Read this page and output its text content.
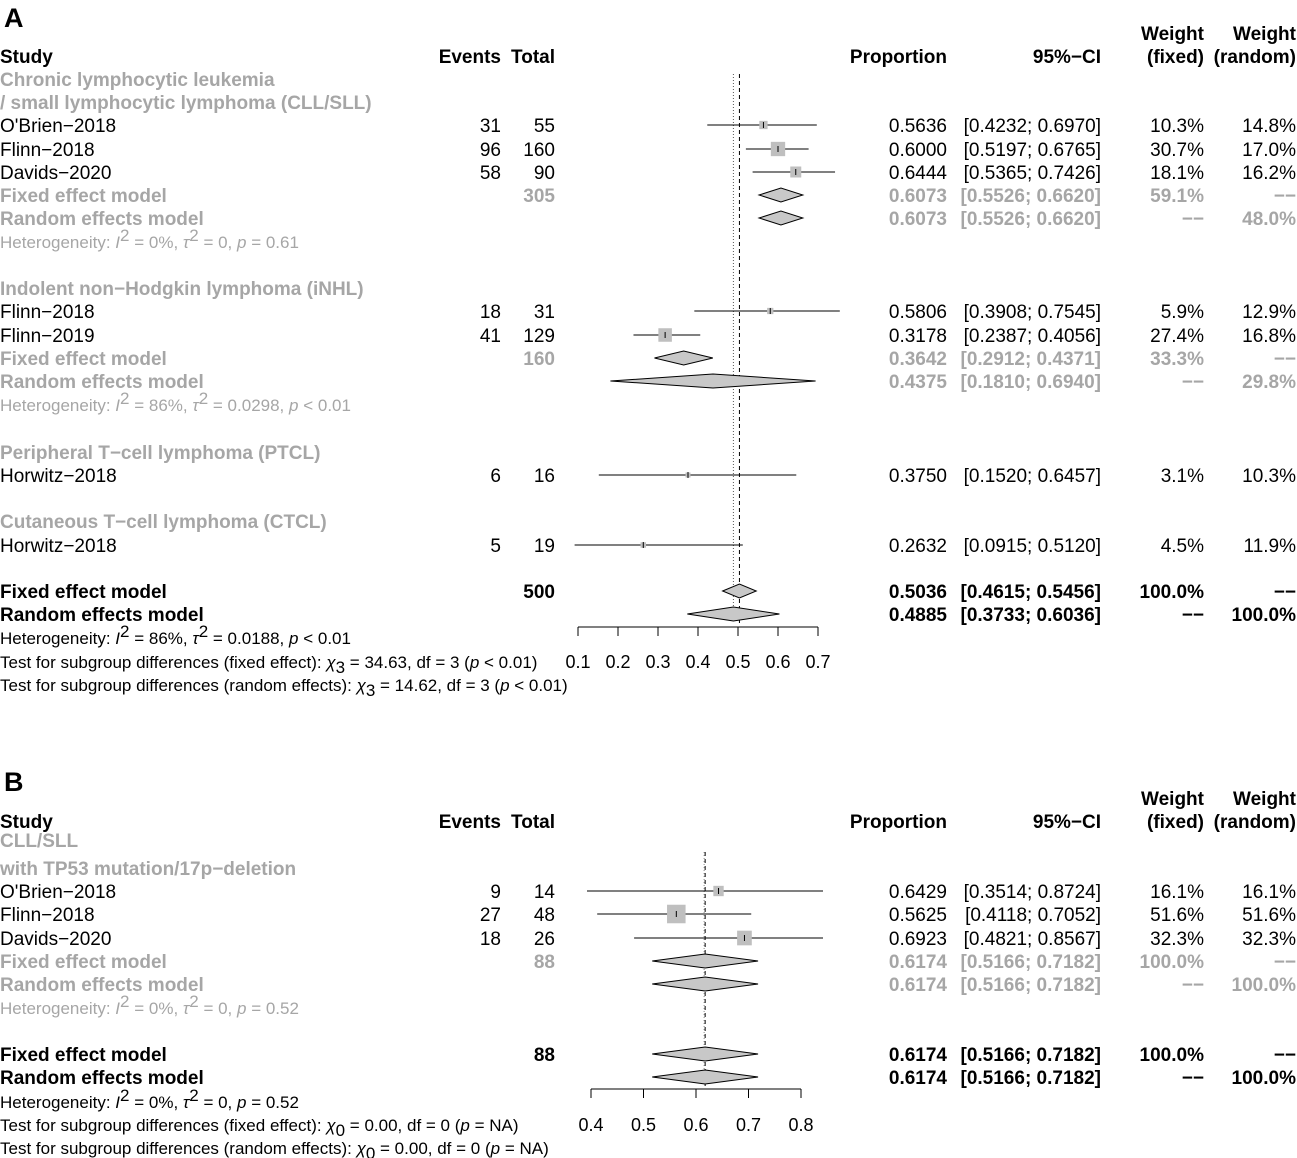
A
Study	Events Total	Proportion	95%−CI
Weight
(fixed)
Weight
(random)
Chronic lymphocytic leukemia
/ small lymphocytic lymphoma (CLL/SLL)
O'Brien−2018	31 55	0.5636 [0.4232; 0.6970]	10.3% 14.8%
Flinn−2018	96 160	0.6000 [0.5197; 0.6765]	30.7% 17.0%
Davids−2020	58 90	0.6444 [0.5365; 0.7426]	18.1% 16.2%
Fixed effect model	305	0.6073 [0.5526; 0.6620]	59.1%	−−
Random effects model	0.6073 [0.5526; 0.6620]	−− 48.0%
Heterogeneity: I2 = 0%, τ2 = 0, p = 0.61
Indolent non−Hodgkin lymphoma (iNHL)
Flinn−2018	18 31	0.5806 [0.3908; 0.7545]	5.9% 12.9%
Flinn−2019	41 129	0.3178 [0.2387; 0.4056]	27.4% 16.8%
Fixed effect model	160	0.3642 [0.2912; 0.4371]	33.3%	−−
Random effects model	0.4375 [0.1810; 0.6940]	−− 29.8%
Heterogeneity: I2 = 86%, τ2 = 0.0298, p < 0.01
Peripheral T−cell lymphoma (PTCL)
Horwitz−2018	6 16	0.3750 [0.1520; 0.6457]	3.1% 10.3%
Cutaneous T−cell lymphoma (CTCL)
Horwitz−2018	5 19	0.2632 [0.0915; 0.5120]	4.5% 11.9%
Fixed effect model	500	0.5036 [0.4615; 0.5456] 100.0%	−−
Random effects model	0.4885 [0.3733; 0.6036]	−− 100.0%
Heterogeneity: I2 = 86%, τ2 = 0.0188, p < 0.01
Test for subgroup differences (fixed effect): χ3 = 34.63, df = 3 (p < 0.01)
Test for subgroup differences (random effects): χ3 = 14.62, df = 3 (p < 0.01)
0.1 0.2 0.3 0.4 0.5 0.6 0.7
B
Study	Events Total	Proportion	95%−CI
Weight
(fixed)
Weight
(random)
CLL/SLL
with TP53 mutation/17p−deletion
O'Brien−2018	9 14	0.6429 [0.3514; 0.8724]	16.1% 16.1%
Flinn−2018	27 48	0.5625 [0.4118; 0.7052]	51.6% 51.6%
Davids−2020	18 26	0.6923 [0.4821; 0.8567]	32.3% 32.3%
Fixed effect model	88	0.6174 [0.5166; 0.7182] 100.0%	−−
Random effects model	0.6174 [0.5166; 0.7182]	−− 100.0%
Heterogeneity: I2 = 0%, τ2 = 0, p = 0.52
Fixed effect model	88	0.6174 [0.5166; 0.7182] 100.0%	−−
Random effects model	0.6174 [0.5166; 0.7182]	−− 100.0%
Heterogeneity: I2 = 0%, τ2 = 0, p = 0.52
Test for subgroup differences (fixed effect): χ0 = 0.00, df = 0 (p = NA)
Test for subgroup differences (random effects): χ0 = 0.00, df = 0 (p = NA)
0.4 0.5 0.6 0.7 0.8
